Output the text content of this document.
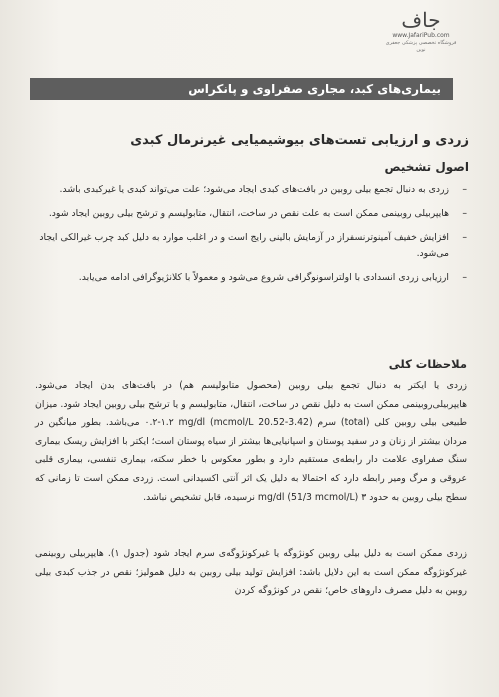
جاف
www.JafariPub.com
فروشگاه تخصصی پزشکی جعفری نوین
بیماری‌های کبد، مجاری صفراوی و پانکراس
زردی و ارزیابی تست‌های بیوشیمیایی غیرنرمال کبدی
اصول تشخیص
–
زردی به دنبال تجمع بیلی روبین در بافت‌های کبدی ایجاد می‌شود؛ علت می‌تواند کبدی یا غیرکبدی باشد.
–
هایپربیلی روبینمی ممکن است به علت نقص در ساخت، انتقال، متابولیسم و ترشح بیلی روبین ایجاد شود.
–
افزایش خفیف آمینوترنسفراز در آزمایش بالینی رایج است و در اغلب موارد به دلیل کبد چرب غیرالکی ایجاد می‌شود.
–
ارزیابی زردی انسدادی با اولتراسونوگرافی شروع می‌شود و معمولاً با کلانژیوگرافی ادامه می‌یابد.
ملاحظات کلی
زردی یا ایکتر به دنبال تجمع بیلی روبین (محصول متابولیسم هم) در بافت‌های بدن ایجاد می‌شود. هایپربیلی‌روبینمی ممکن است به دلیل نقص در ساخت، انتقال، متابولیسم و یا ترشح بیلی روبین ایجاد شود. میزان طبیعی بیلی روبین کلی (total) سرم (3.42-20.52 mcmol/L) ۰.۲-۱.۲ mg/dl می‌باشد. بطور میانگین در مردان بیشتر از زنان و در سفید پوستان و اسپانیایی‌ها بیشتر از سیاه پوستان است؛ ایکتر با افزایش ریسک بیماری سنگ صفراوی علامت دار رابطه‌ی مستقیم دارد و بطور معکوس با خطر سکته، بیماری تنفسی، بیماری قلبی عروقی و مرگ ومیر رابطه دارد که احتمالا به دلیل یک اثر آنتی اکسیدانی است. زردی ممکن است تا زمانی که سطح بیلی روبین به حدود ۳ mg/dl (51/3 mcmol/L) نرسیده، قابل تشخیص نباشد.
زردی ممکن است به دلیل بیلی روبین کونژوگه یا غیرکونژوگه‌ی سرم ایجاد شود (جدول ۱). هایپربیلی روبینمی غیرکونژوگه ممکن است به این دلایل باشد: افزایش تولید بیلی روبین به دلیل همولیز؛ نقص در جذب کبدی بیلی روبین به دلیل مصرف داروهای خاص؛ نقص در کونژوگه کردن
